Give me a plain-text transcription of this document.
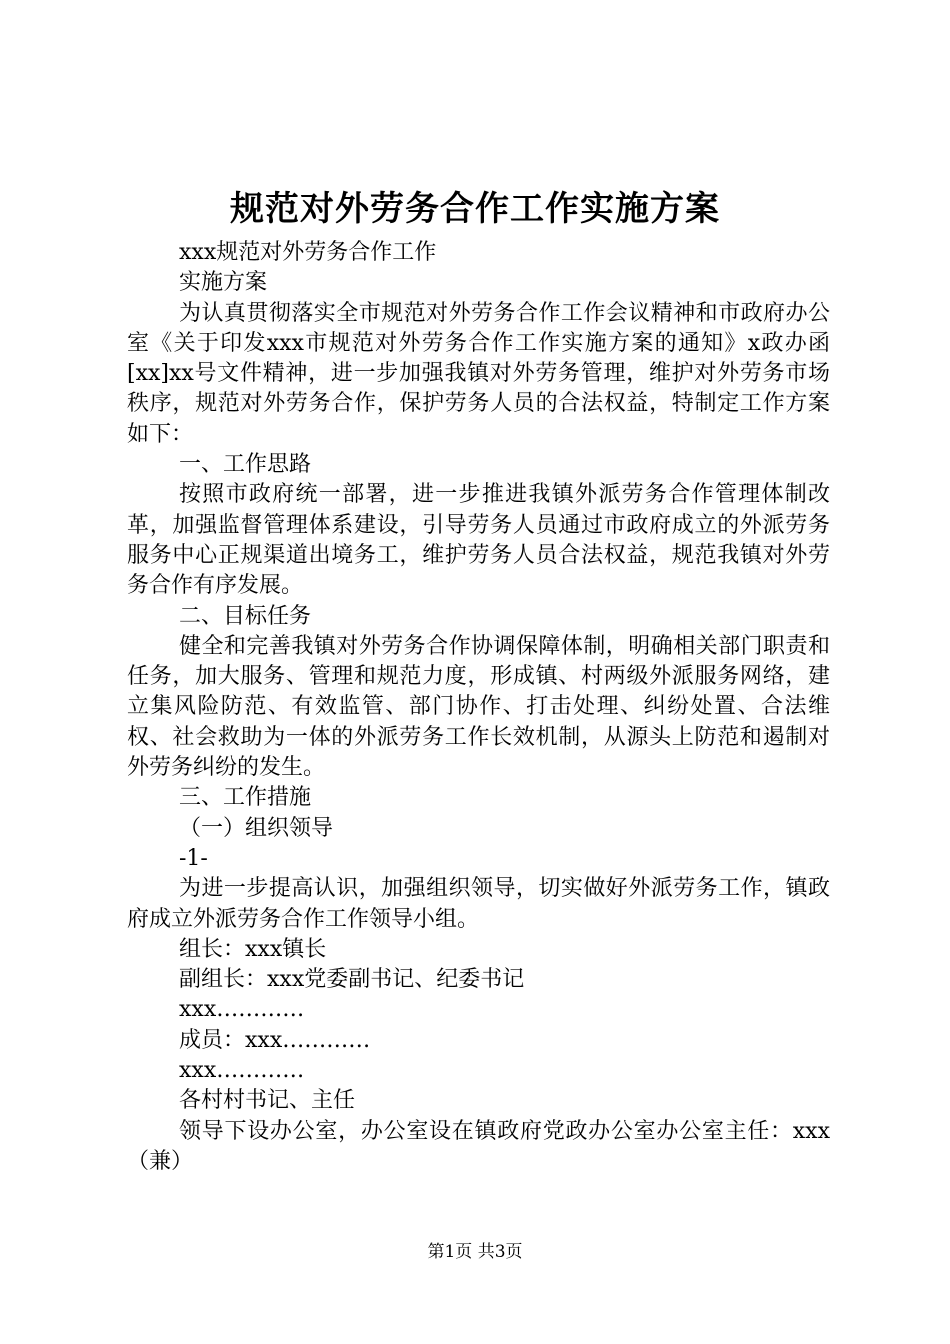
规范对外劳务合作工作实施方案

xxx规范对外劳务合作工作

实施方案

为认真贯彻落实全市规范对外劳务合作工作会议精神和市政府办公室《关于印发xxx市规范对外劳务合作工作实施方案的通知》x政办函[xx]xx号文件精神，进一步加强我镇对外劳务管理，维护对外劳务市场秩序，规范对外劳务合作，保护劳务人员的合法权益，特制定工作方案如下：

一、工作思路

按照市政府统一部署，进一步推进我镇外派劳务合作管理体制改革，加强监督管理体系建设，引导劳务人员通过市政府成立的外派劳务服务中心正规渠道出境务工，维护劳务人员合法权益，规范我镇对外劳务合作有序发展。

二、目标任务

健全和完善我镇对外劳务合作协调保障体制，明确相关部门职责和任务，加大服务、管理和规范力度，形成镇、村两级外派服务网络，建立集风险防范、有效监管、部门协作、打击处理、纠纷处置、合法维权、社会救助为一体的外派劳务工作长效机制，从源头上防范和遏制对外劳务纠纷的发生。

三、工作措施

（一）组织领导

-1-

为进一步提高认识，加强组织领导，切实做好外派劳务工作，镇政府成立外派劳务合作工作领导小组。

组长：xxx镇长

副组长：xxx党委副书记、纪委书记

xxx…………

成员：xxx…………

xxx…………

各村村书记、主任

领导下设办公室，办公室设在镇政府党政办公室办公室主任：xxx（兼）

第1页 共3页
